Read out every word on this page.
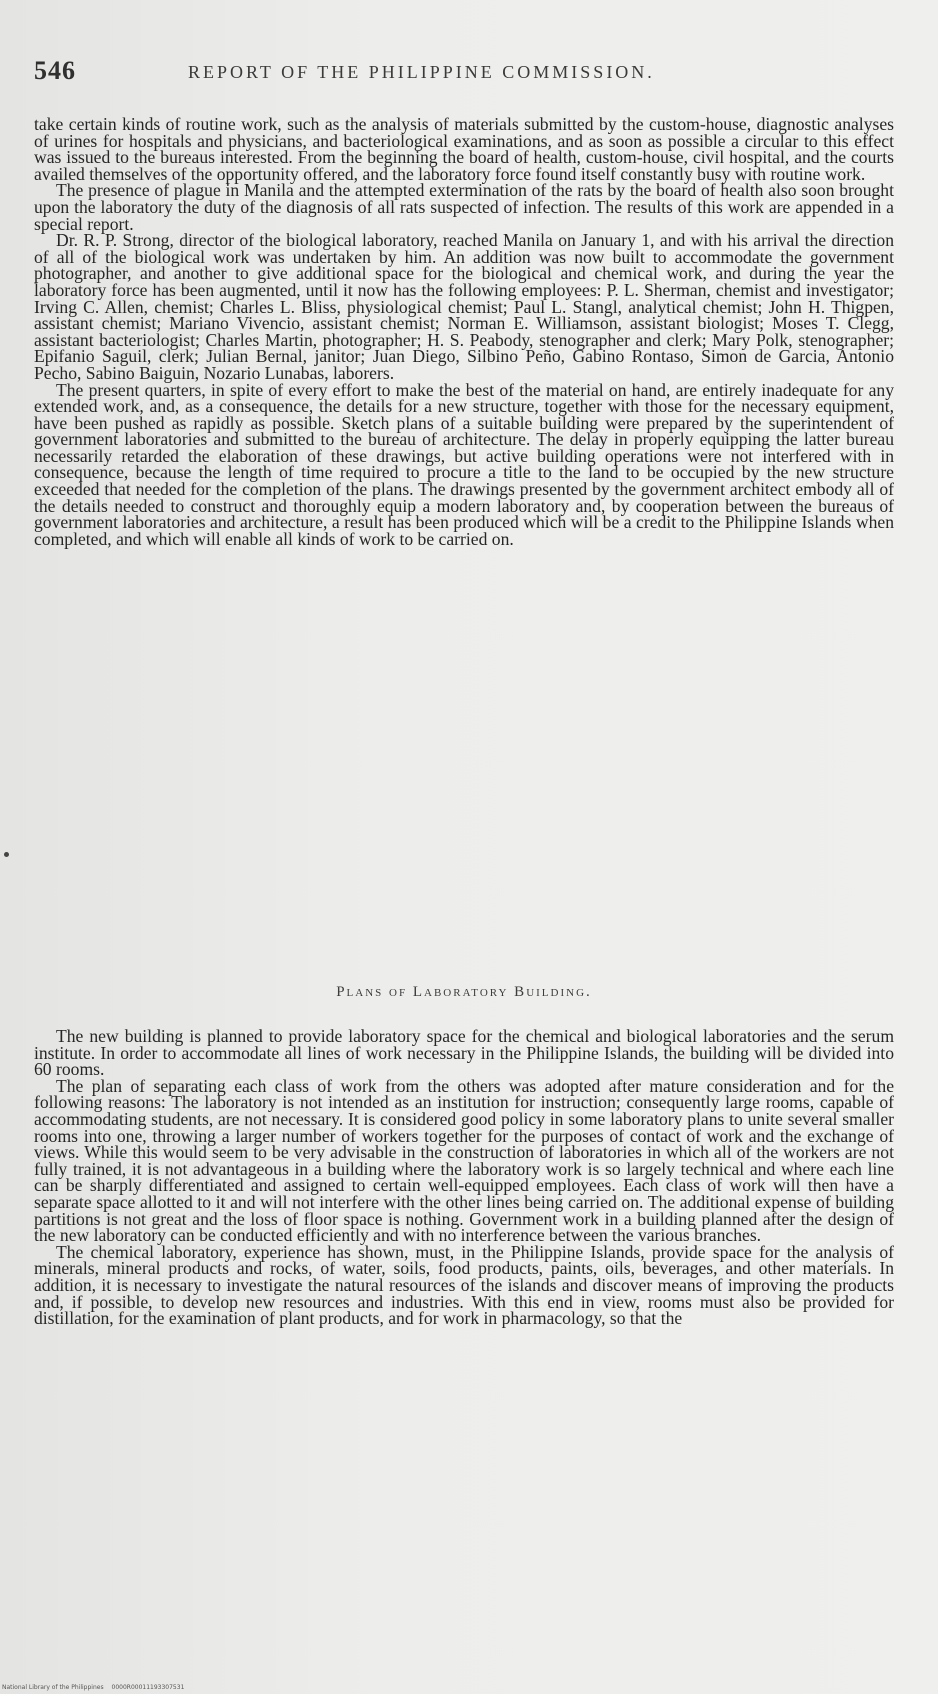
546	REPORT OF THE PHILIPPINE COMMISSION.

take certain kinds of routine work, such as the analysis of materials submitted by the custom-house, diagnostic analyses of urines for hospitals and physicians, and bacteriological examinations, and as soon as possible a circular to this effect was issued to the bureaus interested. From the beginning the board of health, custom-house, civil hospital, and the courts availed themselves of the opportunity offered, and the laboratory force found itself constantly busy with routine work.

The presence of plague in Manila and the attempted extermination of the rats by the board of health also soon brought upon the laboratory the duty of the diagnosis of all rats suspected of infection. The results of this work are appended in a special report.

Dr. R. P. Strong, director of the biological laboratory, reached Manila on January 1, and with his arrival the direction of all of the biological work was undertaken by him. An addition was now built to accommodate the government photographer, and another to give additional space for the biological and chemical work, and during the year the laboratory force has been augmented, until it now has the following employees: P. L. Sherman, chemist and investigator; Irving C. Allen, chemist; Charles L. Bliss, physiological chemist; Paul L. Stangl, analytical chemist; John H. Thigpen, assistant chemist; Mariano Vivencio, assistant chemist; Norman E. Williamson, assistant biologist; Moses T. Clegg, assistant bacteriologist; Charles Martin, photographer; H. S. Peabody, stenographer and clerk; Mary Polk, stenographer; Epifanio Saguil, clerk; Julian Bernal, janitor; Juan Diego, Silbino Peño, Gabino Rontaso, Simon de Garcia, Antonio Pecho, Sabino Baiguin, Nozario Lunabas, laborers.

The present quarters, in spite of every effort to make the best of the material on hand, are entirely inadequate for any extended work, and, as a consequence, the details for a new structure, together with those for the necessary equipment, have been pushed as rapidly as possible. Sketch plans of a suitable building were prepared by the superintendent of government laboratories and submitted to the bureau of architecture. The delay in properly equipping the latter bureau necessarily retarded the elaboration of these drawings, but active building operations were not interfered with in consequence, because the length of time required to procure a title to the land to be occupied by the new structure exceeded that needed for the completion of the plans. The drawings presented by the government architect embody all of the details needed to construct and thoroughly equip a modern laboratory and, by cooperation between the bureaus of government laboratories and architecture, a result has been produced which will be a credit to the Philippine Islands when completed, and which will enable all kinds of work to be carried on.

Plans of Laboratory Building.

The new building is planned to provide laboratory space for the chemical and biological laboratories and the serum institute. In order to accommodate all lines of work necessary in the Philippine Islands, the building will be divided into 60 rooms.

The plan of separating each class of work from the others was adopted after mature consideration and for the following reasons: The laboratory is not intended as an institution for instruction; consequently large rooms, capable of accommodating students, are not necessary. It is considered good policy in some laboratory plans to unite several smaller rooms into one, throwing a larger number of workers together for the purposes of contact of work and the exchange of views. While this would seem to be very advisable in the construction of laboratories in which all of the workers are not fully trained, it is not advantageous in a building where the laboratory work is so largely technical and where each line can be sharply differentiated and assigned to certain well-equipped employees. Each class of work will then have a separate space allotted to it and will not interfere with the other lines being carried on. The additional expense of building partitions is not great and the loss of floor space is nothing. Government work in a building planned after the design of the new laboratory can be conducted efficiently and with no interference between the various branches.

The chemical laboratory, experience has shown, must, in the Philippine Islands, provide space for the analysis of minerals, mineral products and rocks, of water, soils, food products, paints, oils, beverages, and other materials. In addition, it is necessary to investigate the natural resources of the islands and discover means of improving the products and, if possible, to develop new resources and industries. With this end in view, rooms must also be provided for distillation, for the examination of plant products, and for work in pharmacology, so that the

National Library of the Philippines 0000R00011193307531
